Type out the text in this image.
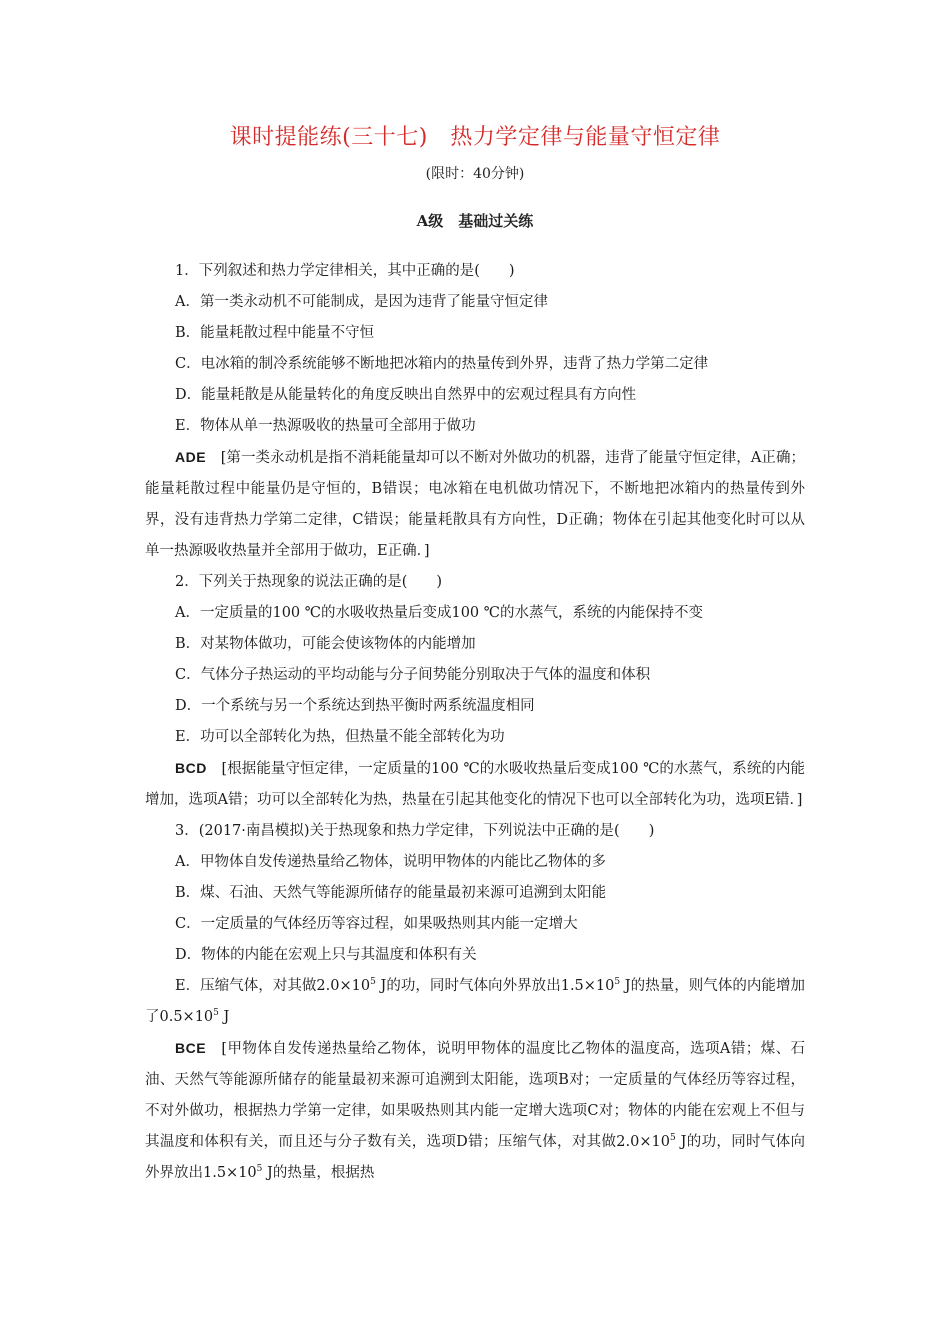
课时提能练(三十七)　热力学定律与能量守恒定律
(限时：40分钟)
A级　基础过关练

1．下列叙述和热力学定律相关，其中正确的是(　　)

A．第一类永动机不可能制成，是因为违背了能量守恒定律

B．能量耗散过程中能量不守恒

C．电冰箱的制冷系统能够不断地把冰箱内的热量传到外界，违背了热力学第二定律

D．能量耗散是从能量转化的角度反映出自然界中的宏观过程具有方向性

E．物体从单一热源吸收的热量可全部用于做功

ADE　 [第一类永动机是指不消耗能量却可以不断对外做功的机器，违背了能量守恒定律，A正确；能量耗散过程中能量仍是守恒的，B错误；电冰箱在电机做功情况下，不断地把冰箱内的热量传到外界，没有违背热力学第二定律，C错误；能量耗散具有方向性，D正确；物体在引起其他变化时可以从单一热源吸收热量并全部用于做功，E正确．]

2．下列关于热现象的说法正确的是(　　)

A．一定质量的100 ℃的水吸收热量后变成100 ℃的水蒸气，系统的内能保持不变

B．对某物体做功，可能会使该物体的内能增加

C．气体分子热运动的平均动能与分子间势能分别取决于气体的温度和体积

D．一个系统与另一个系统达到热平衡时两系统温度相同

E．功可以全部转化为热，但热量不能全部转化为功

BCD　 [根据能量守恒定律，一定质量的100 ℃的水吸收热量后变成100 ℃的水蒸气，系统的内能增加，选项A错；功可以全部转化为热，热量在引起其他变化的情况下也可以全部转化为功，选项E错．]

3．(2017·南昌模拟)关于热现象和热力学定律，下列说法中正确的是(　　)

A．甲物体自发传递热量给乙物体，说明甲物体的内能比乙物体的多

B．煤、石油、天然气等能源所储存的能量最初来源可追溯到太阳能

C．一定质量的气体经历等容过程，如果吸热则其内能一定增大

D．物体的内能在宏观上只与其温度和体积有关

E．压缩气体，对其做$2.0\times 10^5$ J的功，同时气体向外界放出$1.5\times 10^5$ J的热量，则气体的内能增加了$0.5\times 10^5$ J

BCE　 [甲物体自发传递热量给乙物体，说明甲物体的温度比乙物体的温度高，选项A错；煤、石油、天然气等能源所储存的能量最初来源可追溯到太阳能，选项B对；一定质量的气体经历等容过程，不对外做功，根据热力学第一定律，如果吸热则其内能一定增大选项C对；物体的内能在宏观上不但与其温度和体积有关，而且还与分子数有关，选项D错；压缩气体，对其做$2.0\times 10^5$ J的功，同时气体向外界放出$1.5\times 10^5$ J的热量，根据热
